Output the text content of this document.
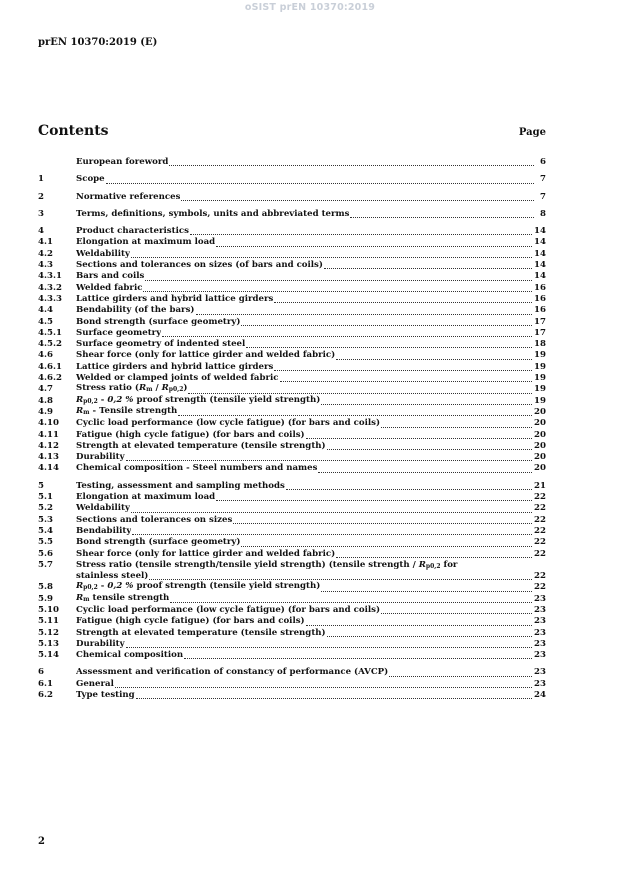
oSIST prEN 10370:2019
prEN 10370:2019 (E)
Contents	Page
European foreword	6
1	Scope	7
2	Normative references	7
3	Terms, definitions, symbols, units and abbreviated terms	8
4	Product characteristics	14
4.1	Elongation at maximum load	14
4.2	Weldability	14
4.3	Sections and tolerances on sizes (of bars and coils)	14
4.3.1	Bars and coils	14
4.3.2	Welded fabric	16
4.3.3	Lattice girders and hybrid lattice girders	16
4.4	Bendability (of the bars)	16
4.5	Bond strength (surface geometry)	17
4.5.1	Surface geometry	17
4.5.2	Surface geometry of indented steel	18
4.6	Shear force (only for lattice girder and welded fabric)	19
4.6.1	Lattice girders and hybrid lattice girders	19
4.6.2	Welded or clamped joints of welded fabric	19
4.7	Stress ratio $(R_m / R_{p0,2})$	19
4.8	$R_{p0,2} - 0,2$ % proof strength (tensile yield strength)	19
4.9	$R_m$ - Tensile strength	20
4.10	Cyclic load performance (low cycle fatigue) (for bars and coils)	20
4.11	Fatigue (high cycle fatigue) (for bars and coils)	20
4.12	Strength at elevated temperature (tensile strength)	20
4.13	Durability	20
4.14	Chemical composition - Steel numbers and names	20
5	Testing, assessment and sampling methods	21
5.1	Elongation at maximum load	22
5.2	Weldability	22
5.3	Sections and tolerances on sizes	22
5.4	Bendability	22
5.5	Bond strength (surface geometry)	22
5.6	Shear force (only for lattice girder and welded fabric)	22
5.7	Stress ratio (tensile strength/tensile yield strength) (tensile strength / $R_{p0,2}$ for
stainless steel)	22
5.8	$R_{p0,2} - 0,2$ % proof strength (tensile yield strength)	22
5.9	$R_m$ tensile strength	23
5.10	Cyclic load performance (low cycle fatigue) (for bars and coils)	23
5.11	Fatigue (high cycle fatigue) (for bars and coils)	23
5.12	Strength at elevated temperature (tensile strength)	23
5.13	Durability	23
5.14	Chemical composition	23
6	Assessment and verification of constancy of performance (AVCP)	23
6.1	General	23
6.2	Type testing	24
2
